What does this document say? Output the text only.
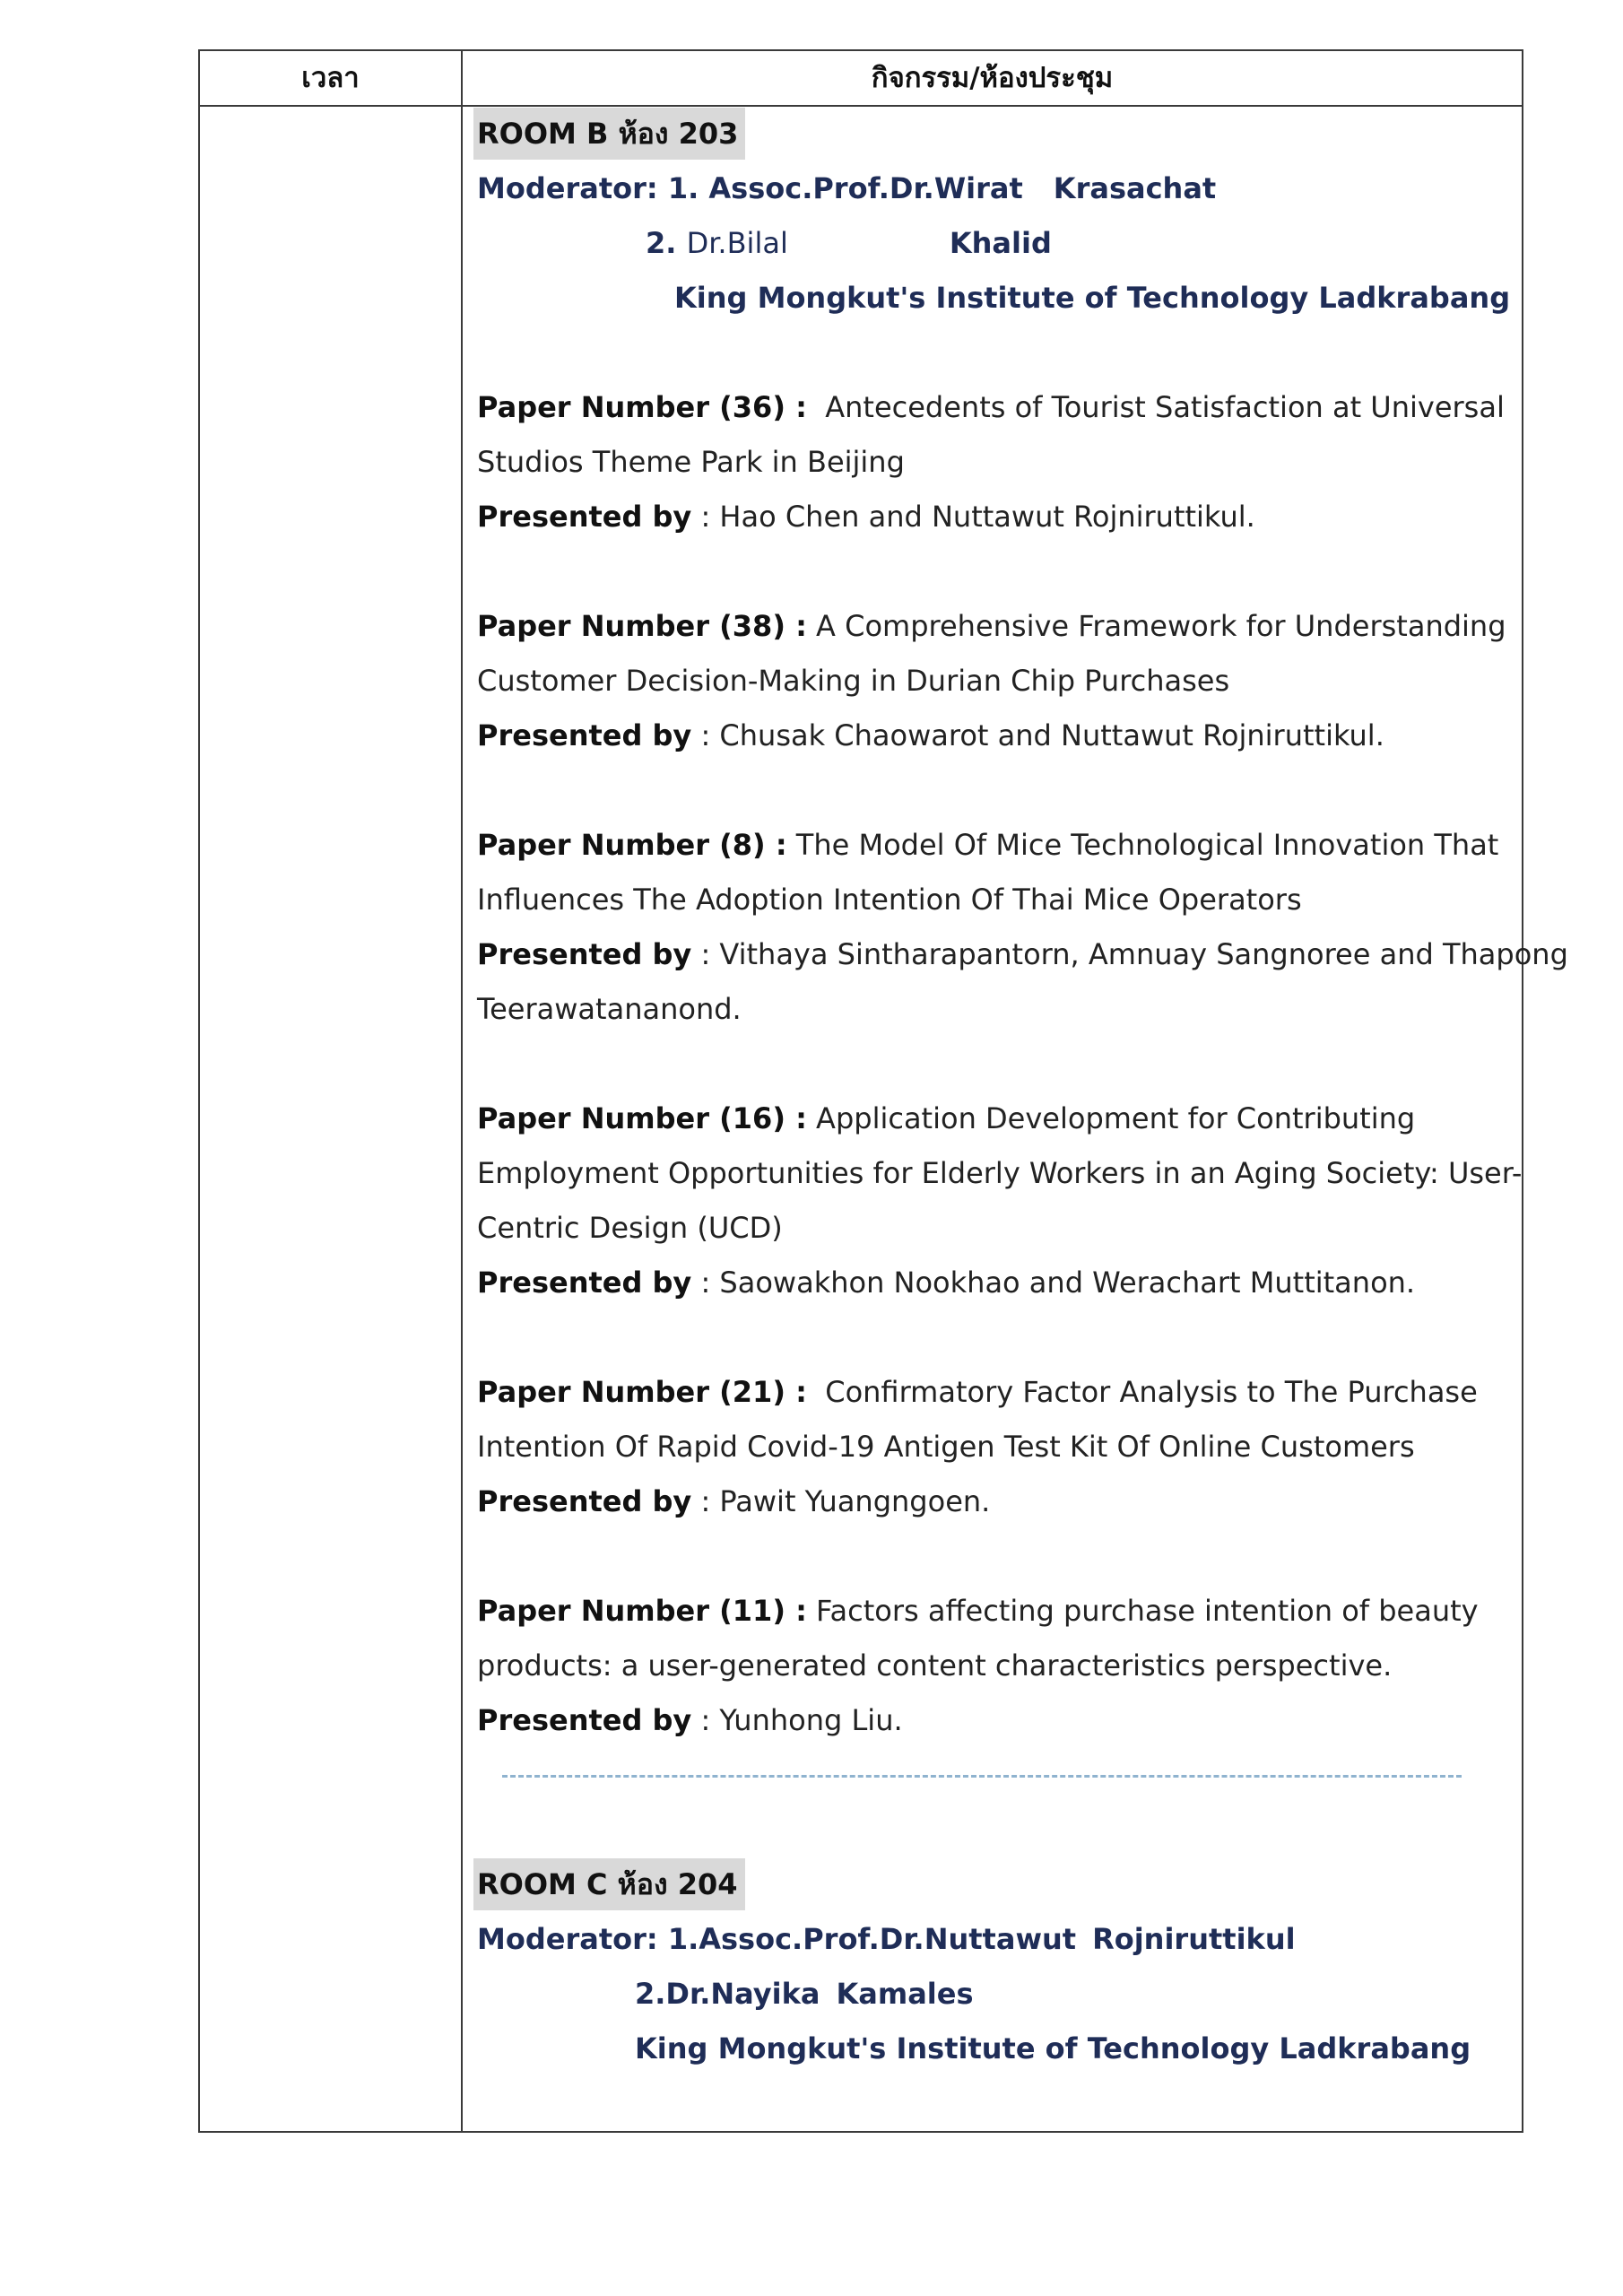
เวลา	กิจกรรม/ห้องประชุม
ROOM B ห้อง 203
Moderator: 1. Assoc.Prof.Dr.Wirat Krasachat
2. Dr.Bilal	Khalid
King Mongkut's Institute of Technology Ladkrabang
Paper Number (36) : Antecedents of Tourist Satisfaction at Universal
Studios Theme Park in Beijing
Presented by : Hao Chen and Nuttawut Rojniruttikul.
Paper Number (38) : A Comprehensive Framework for Understanding
Customer Decision-Making in Durian Chip Purchases
Presented by : Chusak Chaowarot and Nuttawut Rojniruttikul.
Paper Number (8) : The Model Of Mice Technological Innovation That
Influences The Adoption Intention Of Thai Mice Operators
Presented by : Vithaya Sintharapantorn, Amnuay Sangnoree and Thapong
Teerawatananond.
Paper Number (16) : Application Development for Contributing
Employment Opportunities for Elderly Workers in an Aging Society: User-
Centric Design (UCD)
Presented by : Saowakhon Nookhao and Werachart Muttitanon.
Paper Number (21) : Confirmatory Factor Analysis to The Purchase
Intention Of Rapid Covid-19 Antigen Test Kit Of Online Customers
Presented by : Pawit Yuangngoen.
Paper Number (11) : Factors affecting purchase intention of beauty
products: a user-generated content characteristics perspective.
Presented by : Yunhong Liu.
ROOM C ห้อง 204
Moderator: 1.Assoc.Prof.Dr.Nuttawut Rojniruttikul
2.Dr.Nayika Kamales
King Mongkut's Institute of Technology Ladkrabang
